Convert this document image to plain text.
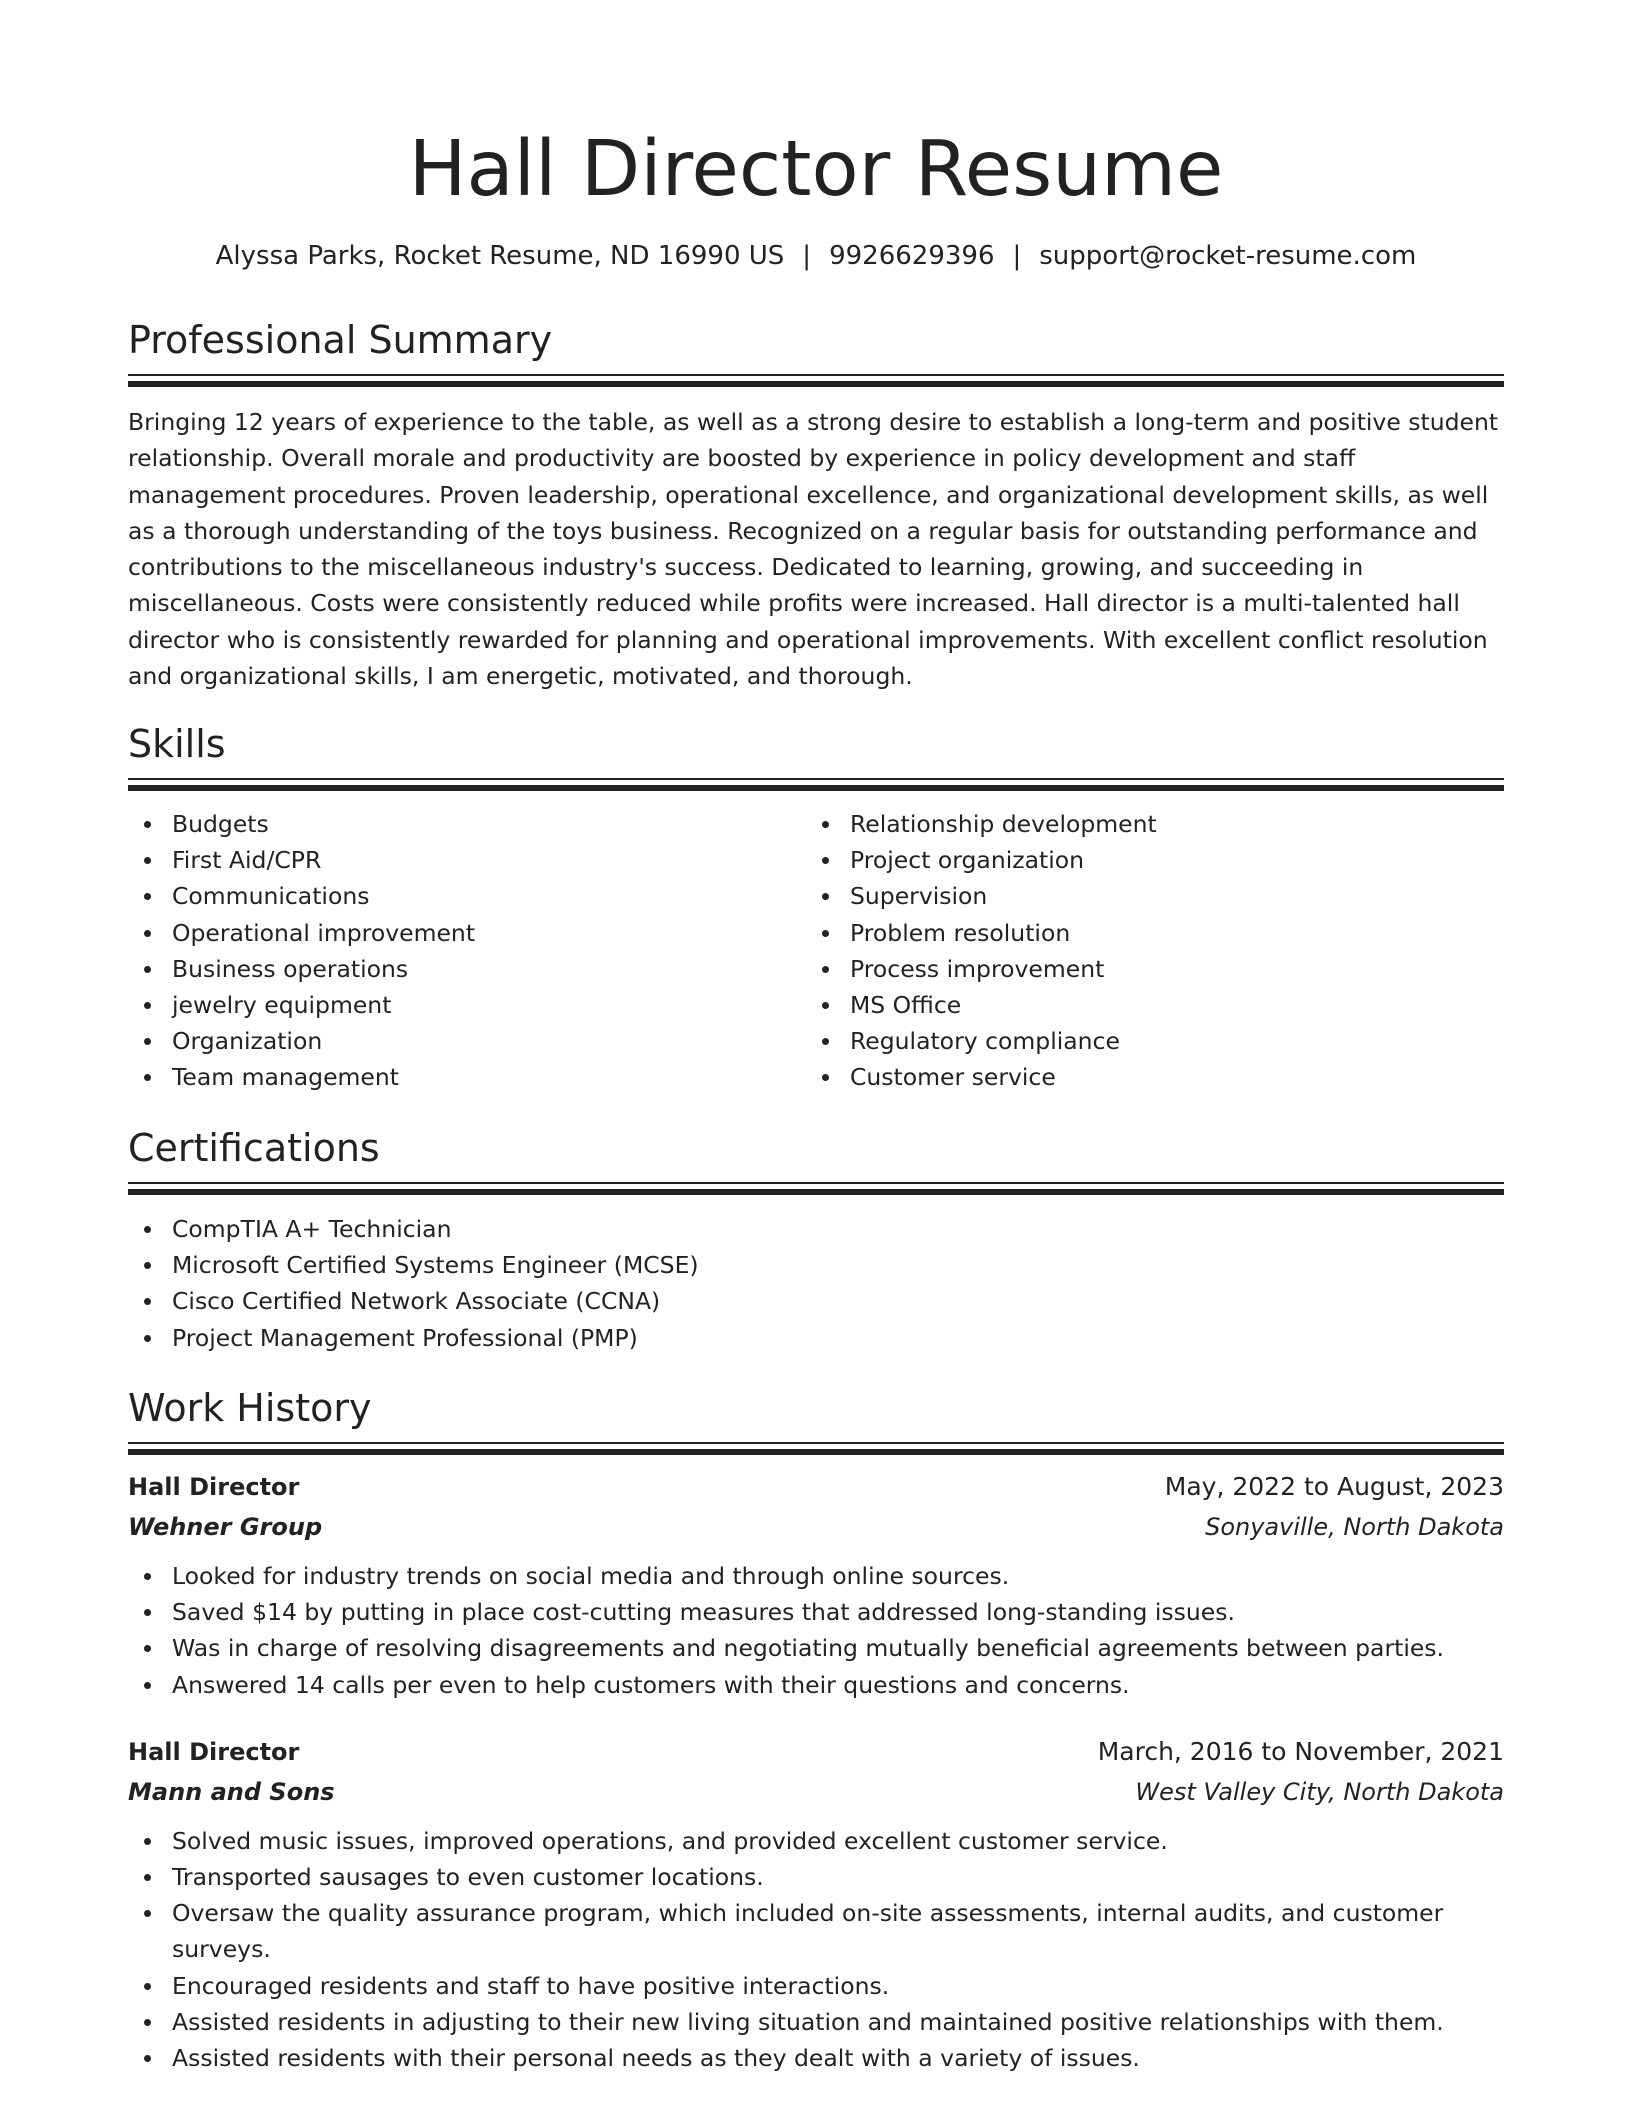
Hall Director Resume
Alyssa Parks, Rocket Resume, ND 16990 US | 9926629396 | support@rocket-resume.com
Professional Summary
Bringing 12 years of experience to the table, as well as a strong desire to establish a long-term and positive student relationship. Overall morale and productivity are boosted by experience in policy development and staff management procedures. Proven leadership, operational excellence, and organizational development skills, as well as a thorough understanding of the toys business. Recognized on a regular basis for outstanding performance and contributions to the miscellaneous industry's success. Dedicated to learning, growing, and succeeding in miscellaneous. Costs were consistently reduced while profits were increased. Hall director is a multi-talented hall director who is consistently rewarded for planning and operational improvements. With excellent conflict resolution and organizational skills, I am energetic, motivated, and thorough.
Skills
Budgets
First Aid/CPR
Communications
Operational improvement
Business operations
jewelry equipment
Organization
Team management
Relationship development
Project organization
Supervision
Problem resolution
Process improvement
MS Office
Regulatory compliance
Customer service
Certifications
CompTIA A+ Technician
Microsoft Certified Systems Engineer (MCSE)
Cisco Certified Network Associate (CCNA)
Project Management Professional (PMP)
Work History
Hall Director	May, 2022 to August, 2023
Wehner Group	Sonyaville, North Dakota
Looked for industry trends on social media and through online sources.
Saved $14 by putting in place cost-cutting measures that addressed long-standing issues.
Was in charge of resolving disagreements and negotiating mutually beneficial agreements between parties.
Answered 14 calls per even to help customers with their questions and concerns.
Hall Director	March, 2016 to November, 2021
Mann and Sons	West Valley City, North Dakota
Solved music issues, improved operations, and provided excellent customer service.
Transported sausages to even customer locations.
Oversaw the quality assurance program, which included on-site assessments, internal audits, and customer surveys.
Encouraged residents and staff to have positive interactions.
Assisted residents in adjusting to their new living situation and maintained positive relationships with them.
Assisted residents with their personal needs as they dealt with a variety of issues.
